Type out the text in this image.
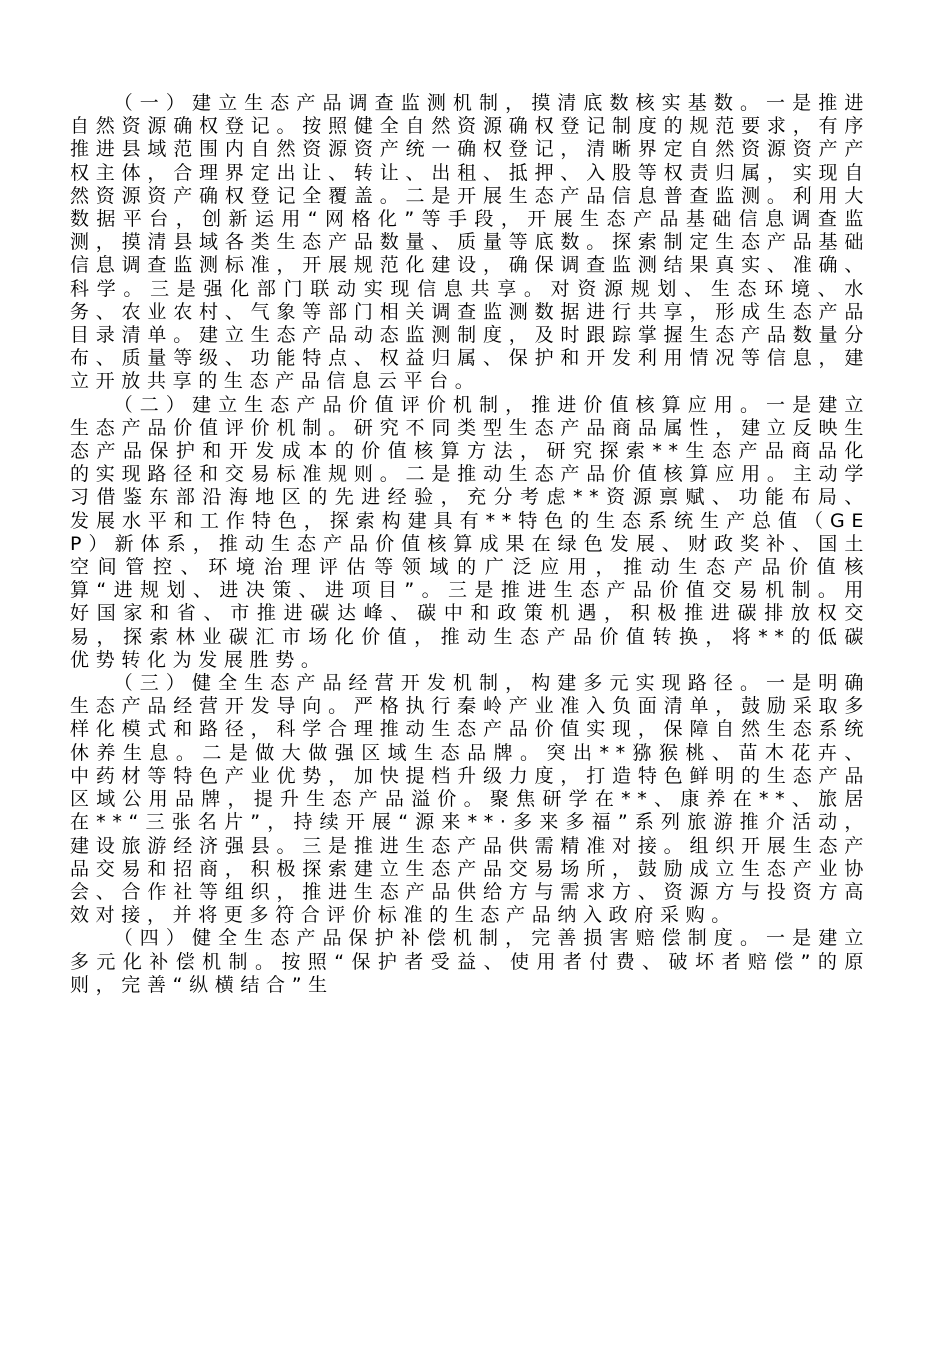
（一）建立生态产品调查监测机制，摸清底数核实基数。一是推进自然资源确权登记。按照健全自然资源确权登记制度的规范要求，有序推进县域范围内自然资源资产统一确权登记，清晰界定自然资源资产产权主体，合理界定出让、转让、出租、抵押、入股等权责归属，实现自然资源资产确权登记全覆盖。二是开展生态产品信息普查监测。利用大数据平台，创新运用“网格化”等手段，开展生态产品基础信息调查监测，摸清县域各类生态产品数量、质量等底数。探索制定生态产品基础信息调查监测标准，开展规范化建设，确保调查监测结果真实、准确、科学。三是强化部门联动实现信息共享。对资源规划、生态环境、水务、农业农村、气象等部门相关调查监测数据进行共享，形成生态产品目录清单。建立生态产品动态监测制度，及时跟踪掌握生态产品数量分布、质量等级、功能特点、权益归属、保护和开发利用情况等信息，建立开放共享的生态产品信息云平台。

（二）建立生态产品价值评价机制，推进价值核算应用。一是建立生态产品价值评价机制。研究不同类型生态产品商品属性，建立反映生态产品保护和开发成本的价值核算方法，研究探索**生态产品商品化的实现路径和交易标准规则。二是推动生态产品价值核算应用。主动学习借鉴东部沿海地区的先进经验，充分考虑**资源禀赋、功能布局、发展水平和工作特色，探索构建具有**特色的生态系统生产总值（GEP）新体系，推动生态产品价值核算成果在绿色发展、财政奖补、国土空间管控、环境治理评估等领域的广泛应用，推动生态产品价值核算“进规划、进决策、进项目”。三是推进生态产品价值交易机制。用好国家和省、市推进碳达峰、碳中和政策机遇，积极推进碳排放权交易，探索林业碳汇市场化价值，推动生态产品价值转换，将**的低碳优势转化为发展胜势。

（三）健全生态产品经营开发机制，构建多元实现路径。一是明确生态产品经营开发导向。严格执行秦岭产业准入负面清单，鼓励采取多样化模式和路径，科学合理推动生态产品价值实现，保障自然生态系统休养生息。二是做大做强区域生态品牌。突出**猕猴桃、苗木花卉、中药材等特色产业优势，加快提档升级力度，打造特色鲜明的生态产品区域公用品牌，提升生态产品溢价。聚焦研学在**、康养在**、旅居在**“三张名片”，持续开展“源来**·多来多福”系列旅游推介活动，建设旅游经济强县。三是推进生态产品供需精准对接。组织开展生态产品交易和招商，积极探索建立生态产品交易场所，鼓励成立生态产业协会、合作社等组织，推进生态产品供给方与需求方、资源方与投资方高效对接，并将更多符合评价标准的生态产品纳入政府采购。

（四）健全生态产品保护补偿机制，完善损害赔偿制度。一是建立多元化补偿机制。按照“保护者受益、使用者付费、破坏者赔偿”的原则，完善“纵横结合”生
